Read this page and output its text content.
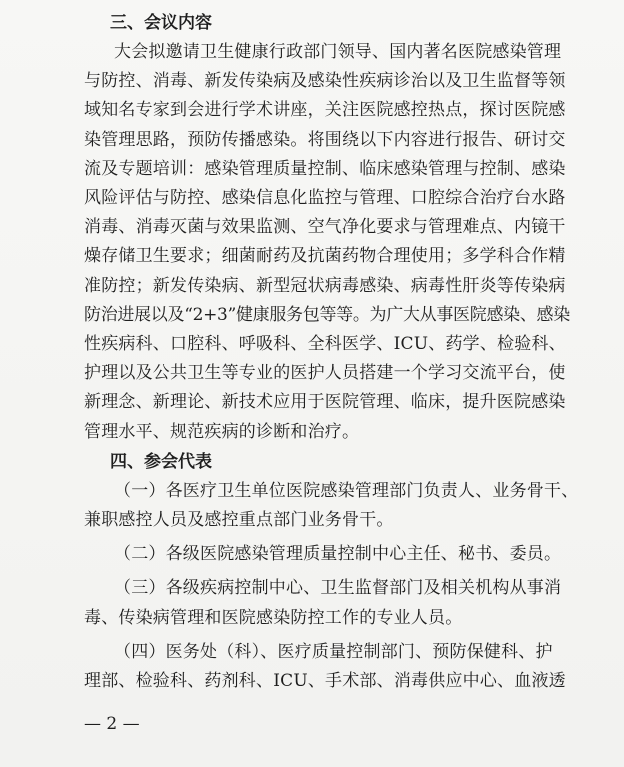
三、会议内容
大会拟邀请卫生健康行政部门领导、国内著名医院感染管理
与防控、消毒、新发传染病及感染性疾病诊治以及卫生监督等领
域知名专家到会进行学术讲座，关注医院感控热点，探讨医院感
染管理思路，预防传播感染。将围绕以下内容进行报告、研讨交
流及专题培训：感染管理质量控制、临床感染管理与控制、感染
风险评估与防控、感染信息化监控与管理、口腔综合治疗台水路
消毒、消毒灭菌与效果监测、空气净化要求与管理难点、内镜干
燥存储卫生要求；细菌耐药及抗菌药物合理使用；多学科合作精
准防控；新发传染病、新型冠状病毒感染、病毒性肝炎等传染病
防治进展以及“2+3”健康服务包等等。为广大从事医院感染、感染
性疾病科、口腔科、呼吸科、全科医学、ICU、药学、检验科、
护理以及公共卫生等专业的医护人员搭建一个学习交流平台，使
新理念、新理论、新技术应用于医院管理、临床，提升医院感染
管理水平、规范疾病的诊断和治疗。
四、参会代表
（一）各医疗卫生单位医院感染管理部门负责人、业务骨干、
兼职感控人员及感控重点部门业务骨干。
（二）各级医院感染管理质量控制中心主任、秘书、委员。
（三）各级疾病控制中心、卫生监督部门及相关机构从事消
毒、传染病管理和医院感染防控工作的专业人员。
（四）医务处（科）、医疗质量控制部门、预防保健科、护
理部、检验科、药剂科、ICU、手术部、消毒供应中心、血液透
— 2 —
